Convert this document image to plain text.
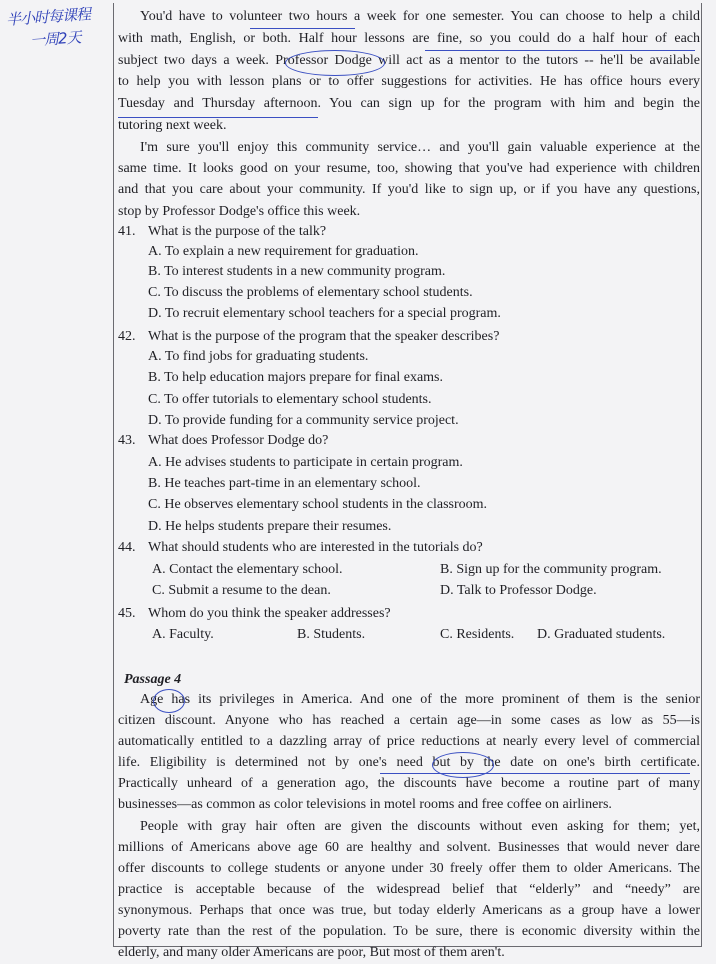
半小时每课程
一周2天
You'd have to volunteer two hours a week for one semester. You can choose to help a child
with math, English, or both. Half hour lessons are fine, so you could do a half hour of each
subject two days a week. Professor Dodge will act as a mentor to the tutors -- he'll be available
to help you with lesson plans or to offer suggestions for activities. He has office hours every
Tuesday and Thursday afternoon. You can sign up for the program with him and begin the
tutoring next week.
I'm sure you'll enjoy this community service… and you'll gain valuable experience at the
same time. It looks good on your resume, too, showing that you've had experience with children
and that you care about your community. If you'd like to sign up, or if you have any questions,
stop by Professor Dodge's office this week.
41. What is the purpose of the talk?
A. To explain a new requirement for graduation.
B. To interest students in a new community program.
C. To discuss the problems of elementary school students.
D. To recruit elementary school teachers for a special program.
42. What is the purpose of the program that the speaker describes?
A. To find jobs for graduating students.
B. To help education majors prepare for final exams.
C. To offer tutorials to elementary school students.
D. To provide funding for a community service project.
43. What does Professor Dodge do?
A. He advises students to participate in certain program.
B. He teaches part-time in an elementary school.
C. He observes elementary school students in the classroom.
D. He helps students prepare their resumes.
44. What should students who are interested in the tutorials do?
45. Whom do you think the speaker addresses?
A. Contact the elementary school.	B. Sign up for the community program.
C. Submit a resume to the dean.	D. Talk to Professor Dodge.
A. Faculty.	B. Students.	C. Residents. D. Graduated students.
Passage 4
Age has its privileges in America. And one of the more prominent of them is the senior
citizen discount. Anyone who has reached a certain age—in some cases as low as 55—is
automatically entitled to a dazzling array of price reductions at nearly every level of commercial
life. Eligibility is determined not by one's need but by the date on one's birth certificate.
Practically unheard of a generation ago, the discounts have become a routine part of many
businesses—as common as color televisions in motel rooms and free coffee on airliners.
People with gray hair often are given the discounts without even asking for them; yet,
millions of Americans above age 60 are healthy and solvent. Businesses that would never dare
offer discounts to college students or anyone under 30 freely offer them to older Americans. The
practice is acceptable because of the widespread belief that “elderly” and “needy” are
synonymous. Perhaps that once was true, but today elderly Americans as a group have a lower
poverty rate than the rest of the population. To be sure, there is economic diversity within the
elderly, and many older Americans are poor, But most of them aren't.
